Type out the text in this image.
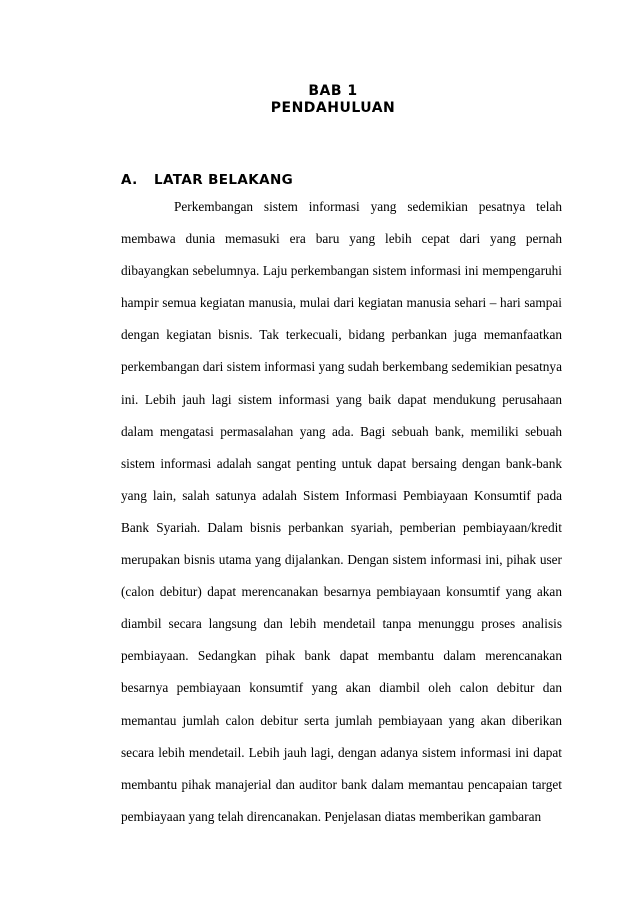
BAB 1
PENDAHULUAN
A. LATAR BELAKANG

Perkembangan sistem informasi yang sedemikian pesatnya telah membawa dunia memasuki era baru yang lebih cepat dari yang pernah dibayangkan sebelumnya. Laju perkembangan sistem informasi ini mempengaruhi hampir semua kegiatan manusia, mulai dari kegiatan manusia sehari – hari sampai dengan kegiatan bisnis. Tak terkecuali, bidang perbankan juga memanfaatkan perkembangan dari sistem informasi yang sudah berkembang sedemikian pesatnya ini. Lebih jauh lagi sistem informasi yang baik dapat mendukung perusahaan dalam mengatasi permasalahan yang ada. Bagi sebuah bank, memiliki sebuah sistem informasi adalah sangat penting untuk dapat bersaing dengan bank-bank yang lain, salah satunya adalah Sistem Informasi Pembiayaan Konsumtif pada Bank Syariah. Dalam bisnis perbankan syariah, pemberian pembiayaan/kredit merupakan bisnis utama yang dijalankan. Dengan sistem informasi ini, pihak user (calon debitur) dapat merencanakan besarnya pembiayaan konsumtif yang akan diambil secara langsung dan lebih mendetail tanpa menunggu proses analisis pembiayaan. Sedangkan pihak bank dapat membantu dalam merencanakan besarnya pembiayaan konsumtif yang akan diambil oleh calon debitur dan memantau jumlah calon debitur serta jumlah pembiayaan yang akan diberikan secara lebih mendetail. Lebih jauh lagi, dengan adanya sistem informasi ini dapat membantu pihak manajerial dan auditor bank dalam memantau pencapaian target pembiayaan yang telah direncanakan. Penjelasan diatas memberikan gambaran
